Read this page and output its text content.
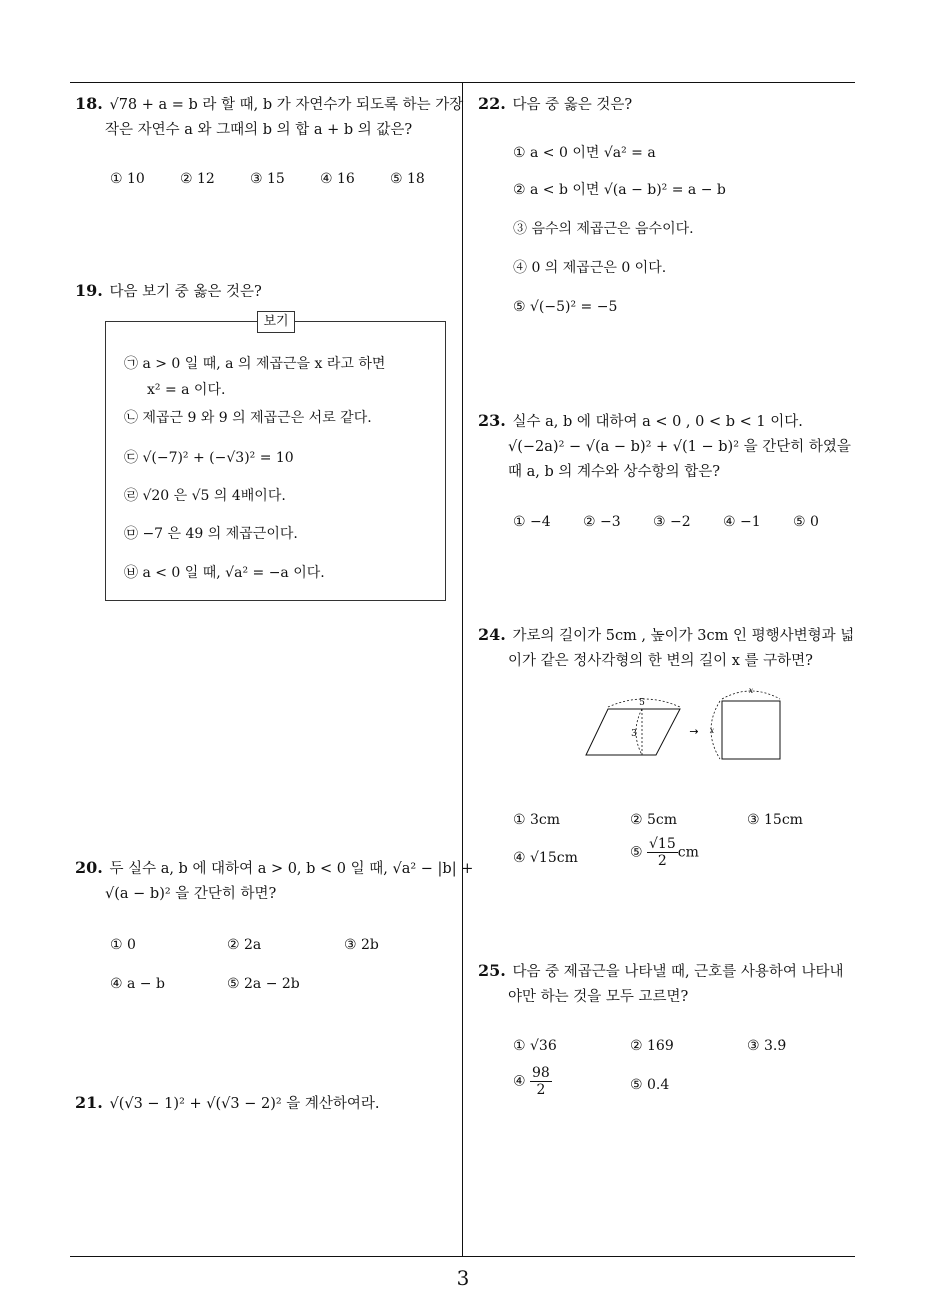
18. √78 + a = b 라 할 때, b 가 자연수가 되도록 하는 가장
작은 자연수 a 와 그때의 b 의 합 a + b 의 값은?
① 10	② 12	③ 15	④ 16	⑤ 18
19. 다음 보기 중 옳은 것은?
보기
㉠ a > 0 일 때, a 의 제곱근을 x 라고 하면
x² = a 이다.
㉡ 제곱근 9 와 9 의 제곱근은 서로 같다.
㉢ √(−7)² + (−√3)² = 10
㉣ √20 은 √5 의 4배이다.
㉤ −7 은 49 의 제곱근이다.
㉥ a < 0 일 때, √a² = −a 이다.
20. 두 실수 a, b 에 대하여 a > 0, b < 0 일 때, √a² − |b| +
√(a − b)² 을 간단히 하면?
① 0	② 2a	③ 2b
④ a − b	⑤ 2a − 2b
21. √(√3 − 1)² + √(√3 − 2)² 을 계산하여라.
22. 다음 중 옳은 것은?
① a < 0 이면 √a² = a
② a < b 이면 √(a − b)² = a − b
③ 음수의 제곱근은 음수이다.
④ 0 의 제곱근은 0 이다.
⑤ √(−5)² = −5
23. 실수 a, b 에 대하여 a < 0 , 0 < b < 1 이다.
√(−2a)² − √(a − b)² + √(1 − b)² 을 간단히 하였을
때 a, b 의 계수와 상수항의 합은?
① −4 ② −3 ③ −2 ④ −1 ⑤ 0
24. 가로의 길이가 5cm , 높이가 3cm 인 평행사변형과 넓
이가 같은 정사각형의 한 변의 길이 x 를 구하면?
5
3	→
x
x
① 3cm	② 5cm	③ 15cm
④ √15cm	⑤ $\frac{√15}{2}$ cm
25. 다음 중 제곱근을 나타낼 때, 근호를 사용하여 나타내
야만 하는 것을 모두 고르면?
① √36	② 169	③ 3.9̇
④ $\frac{98}{2}$	⑤ 0.4
3
